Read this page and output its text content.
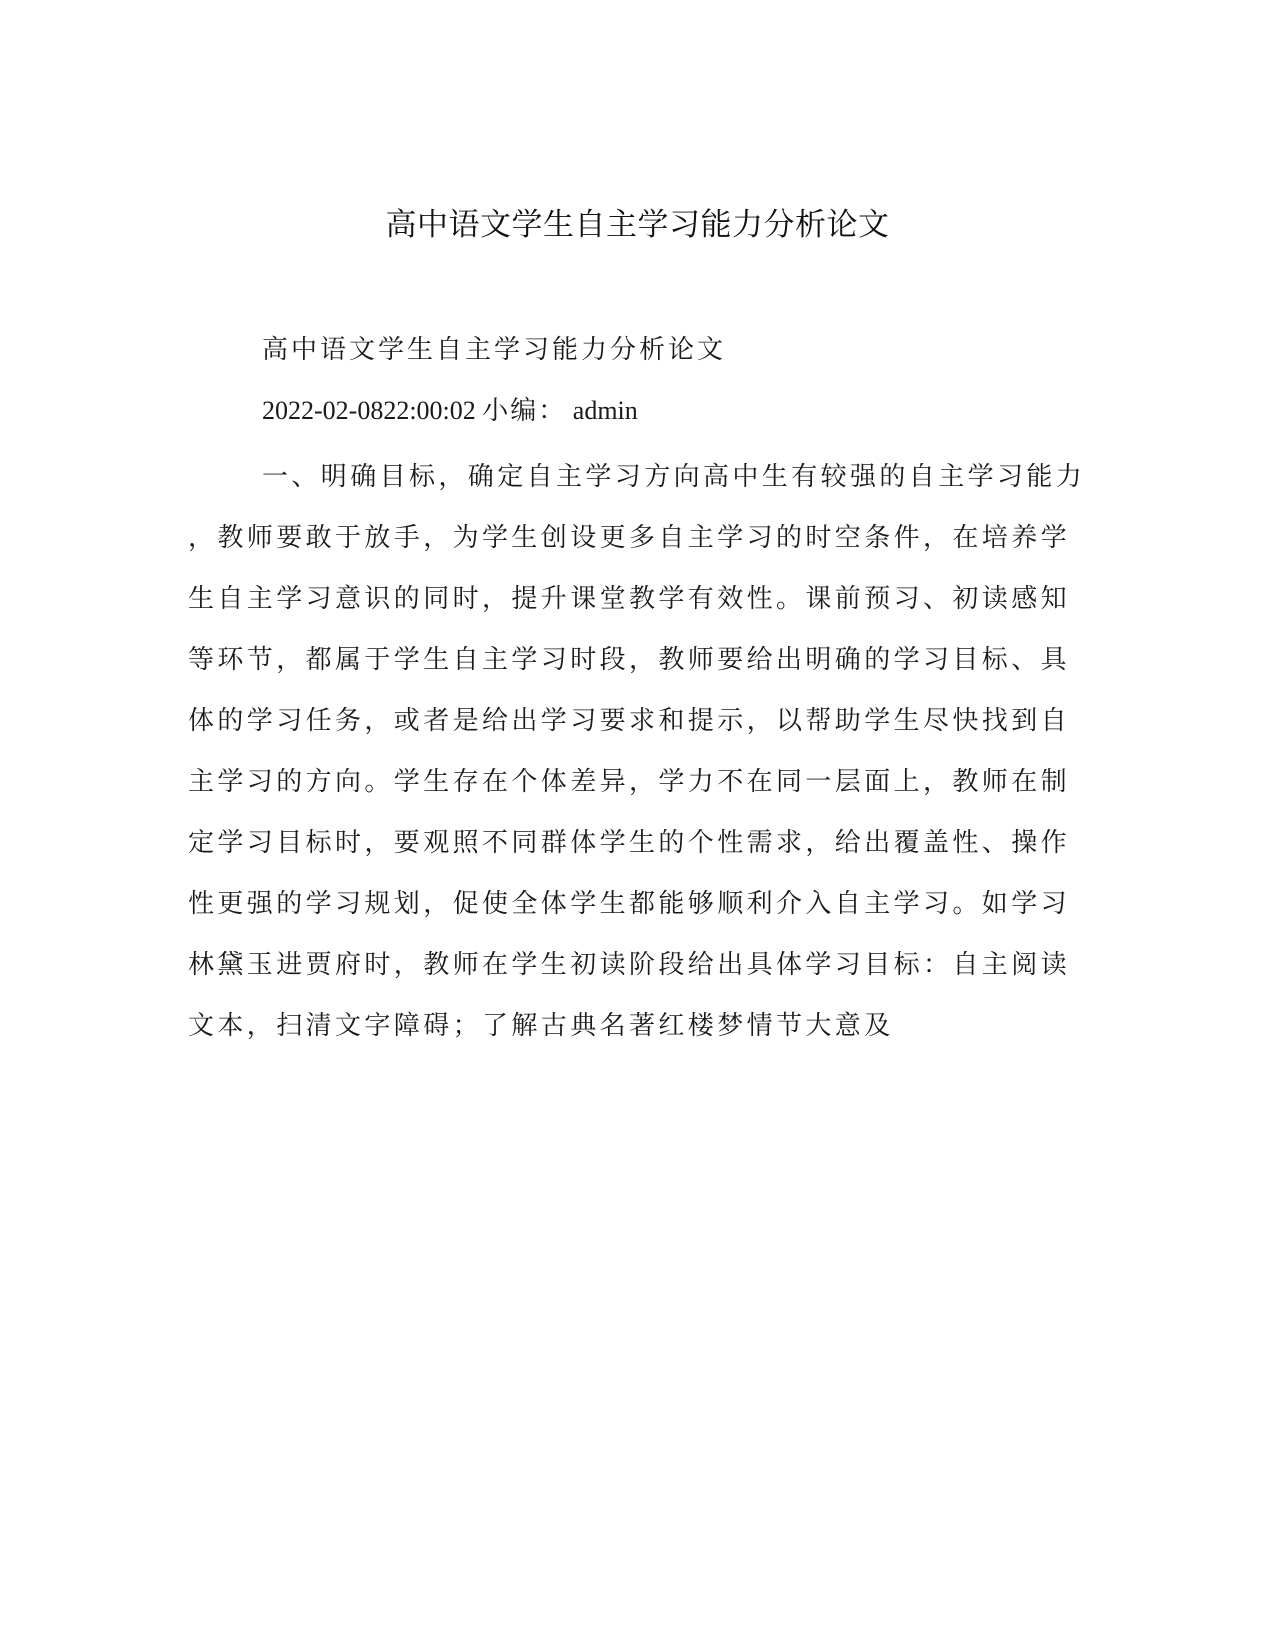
高中语文学生自主学习能力分析论文
高中语文学生自主学习能力分析论文
2022-02-0822:00:02 小编： admin
一、明确目标，确定自主学习方向高中生有较强的自主学习能力
，教师要敢于放手，为学生创设更多自主学习的时空条件，在培养学
生自主学习意识的同时，提升课堂教学有效性。课前预习、初读感知
等环节，都属于学生自主学习时段，教师要给出明确的学习目标、具
体的学习任务，或者是给出学习要求和提示，以帮助学生尽快找到自
主学习的方向。学生存在个体差异，学力不在同一层面上，教师在制
定学习目标时，要观照不同群体学生的个性需求，给出覆盖性、操作
性更强的学习规划，促使全体学生都能够顺利介入自主学习。如学习
林黛玉进贾府时，教师在学生初读阶段给出具体学习目标：自主阅读
文本，扫清文字障碍；了解古典名著红楼梦情节大意及
